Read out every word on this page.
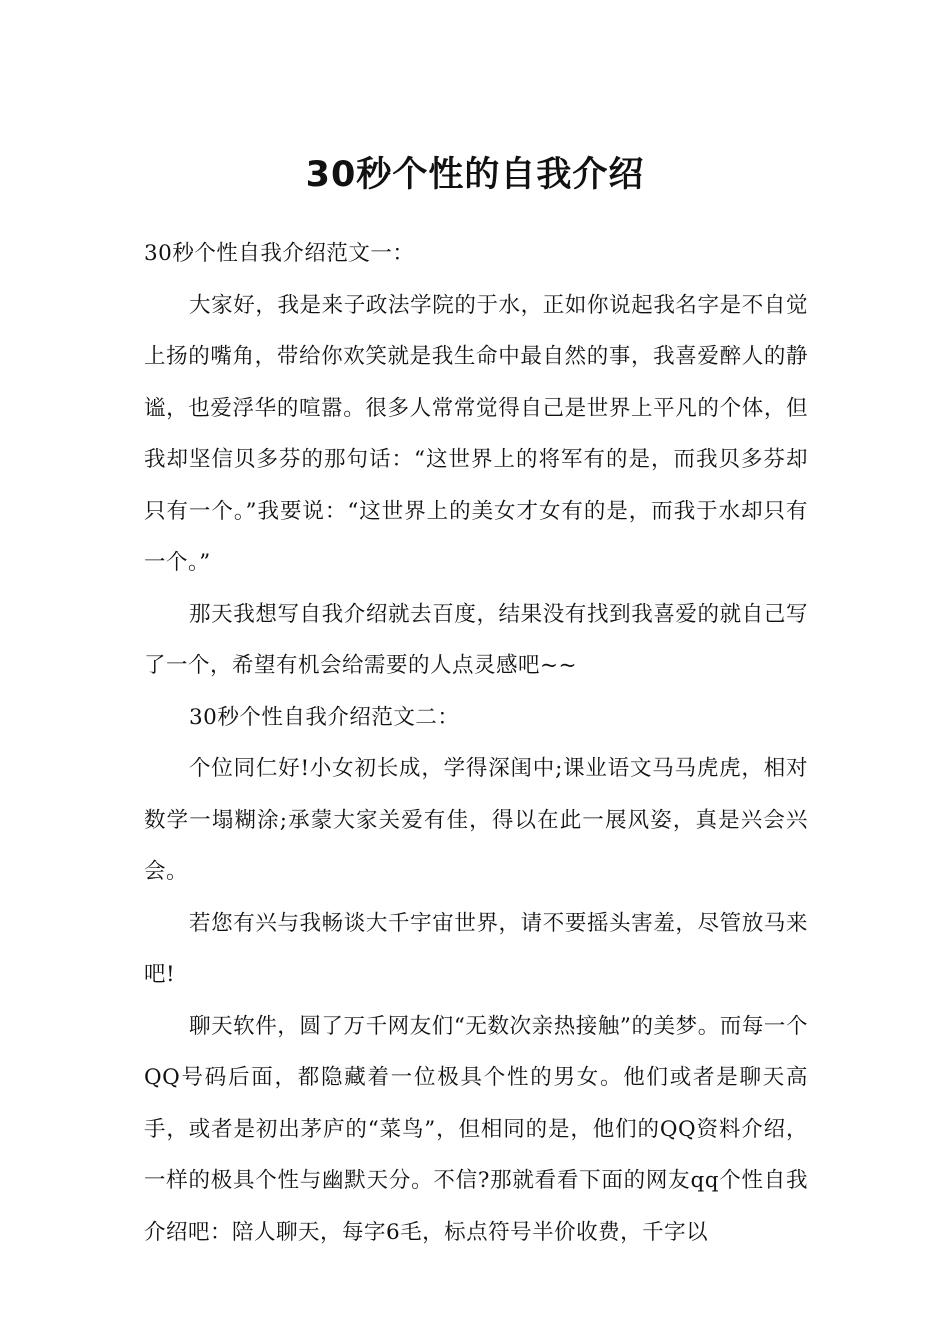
30秒个性的自我介绍

30秒个性自我介绍范文一：

大家好，我是来子政法学院的于水，正如你说起我名字是不自觉上扬的嘴角，带给你欢笑就是我生命中最自然的事，我喜爱醉人的静谧，也爱浮华的喧嚣。很多人常常觉得自己是世界上平凡的个体，但我却坚信贝多芬的那句话：“这世界上的将军有的是，而我贝多芬却只有一个。”我要说：“这世界上的美女才女有的是，而我于水却只有一个。”

那天我想写自我介绍就去百度，结果没有找到我喜爱的就自己写了一个，希望有机会给需要的人点灵感吧~~

30秒个性自我介绍范文二：

个位同仁好!小女初长成，学得深闺中;课业语文马马虎虎，相对数学一塌糊涂;承蒙大家关爱有佳，得以在此一展风姿，真是兴会兴会。

若您有兴与我畅谈大千宇宙世界，请不要摇头害羞，尽管放马来吧!

聊天软件，圆了万千网友们“无数次亲热接触”的美梦。而每一个QQ号码后面，都隐藏着一位极具个性的男女。他们或者是聊天高手，或者是初出茅庐的“菜鸟”，但相同的是，他们的QQ资料介绍，一样的极具个性与幽默天分。不信?那就看看下面的网友qq个性自我介绍吧：陪人聊天，每字6毛，标点符号半价收费，千字以
